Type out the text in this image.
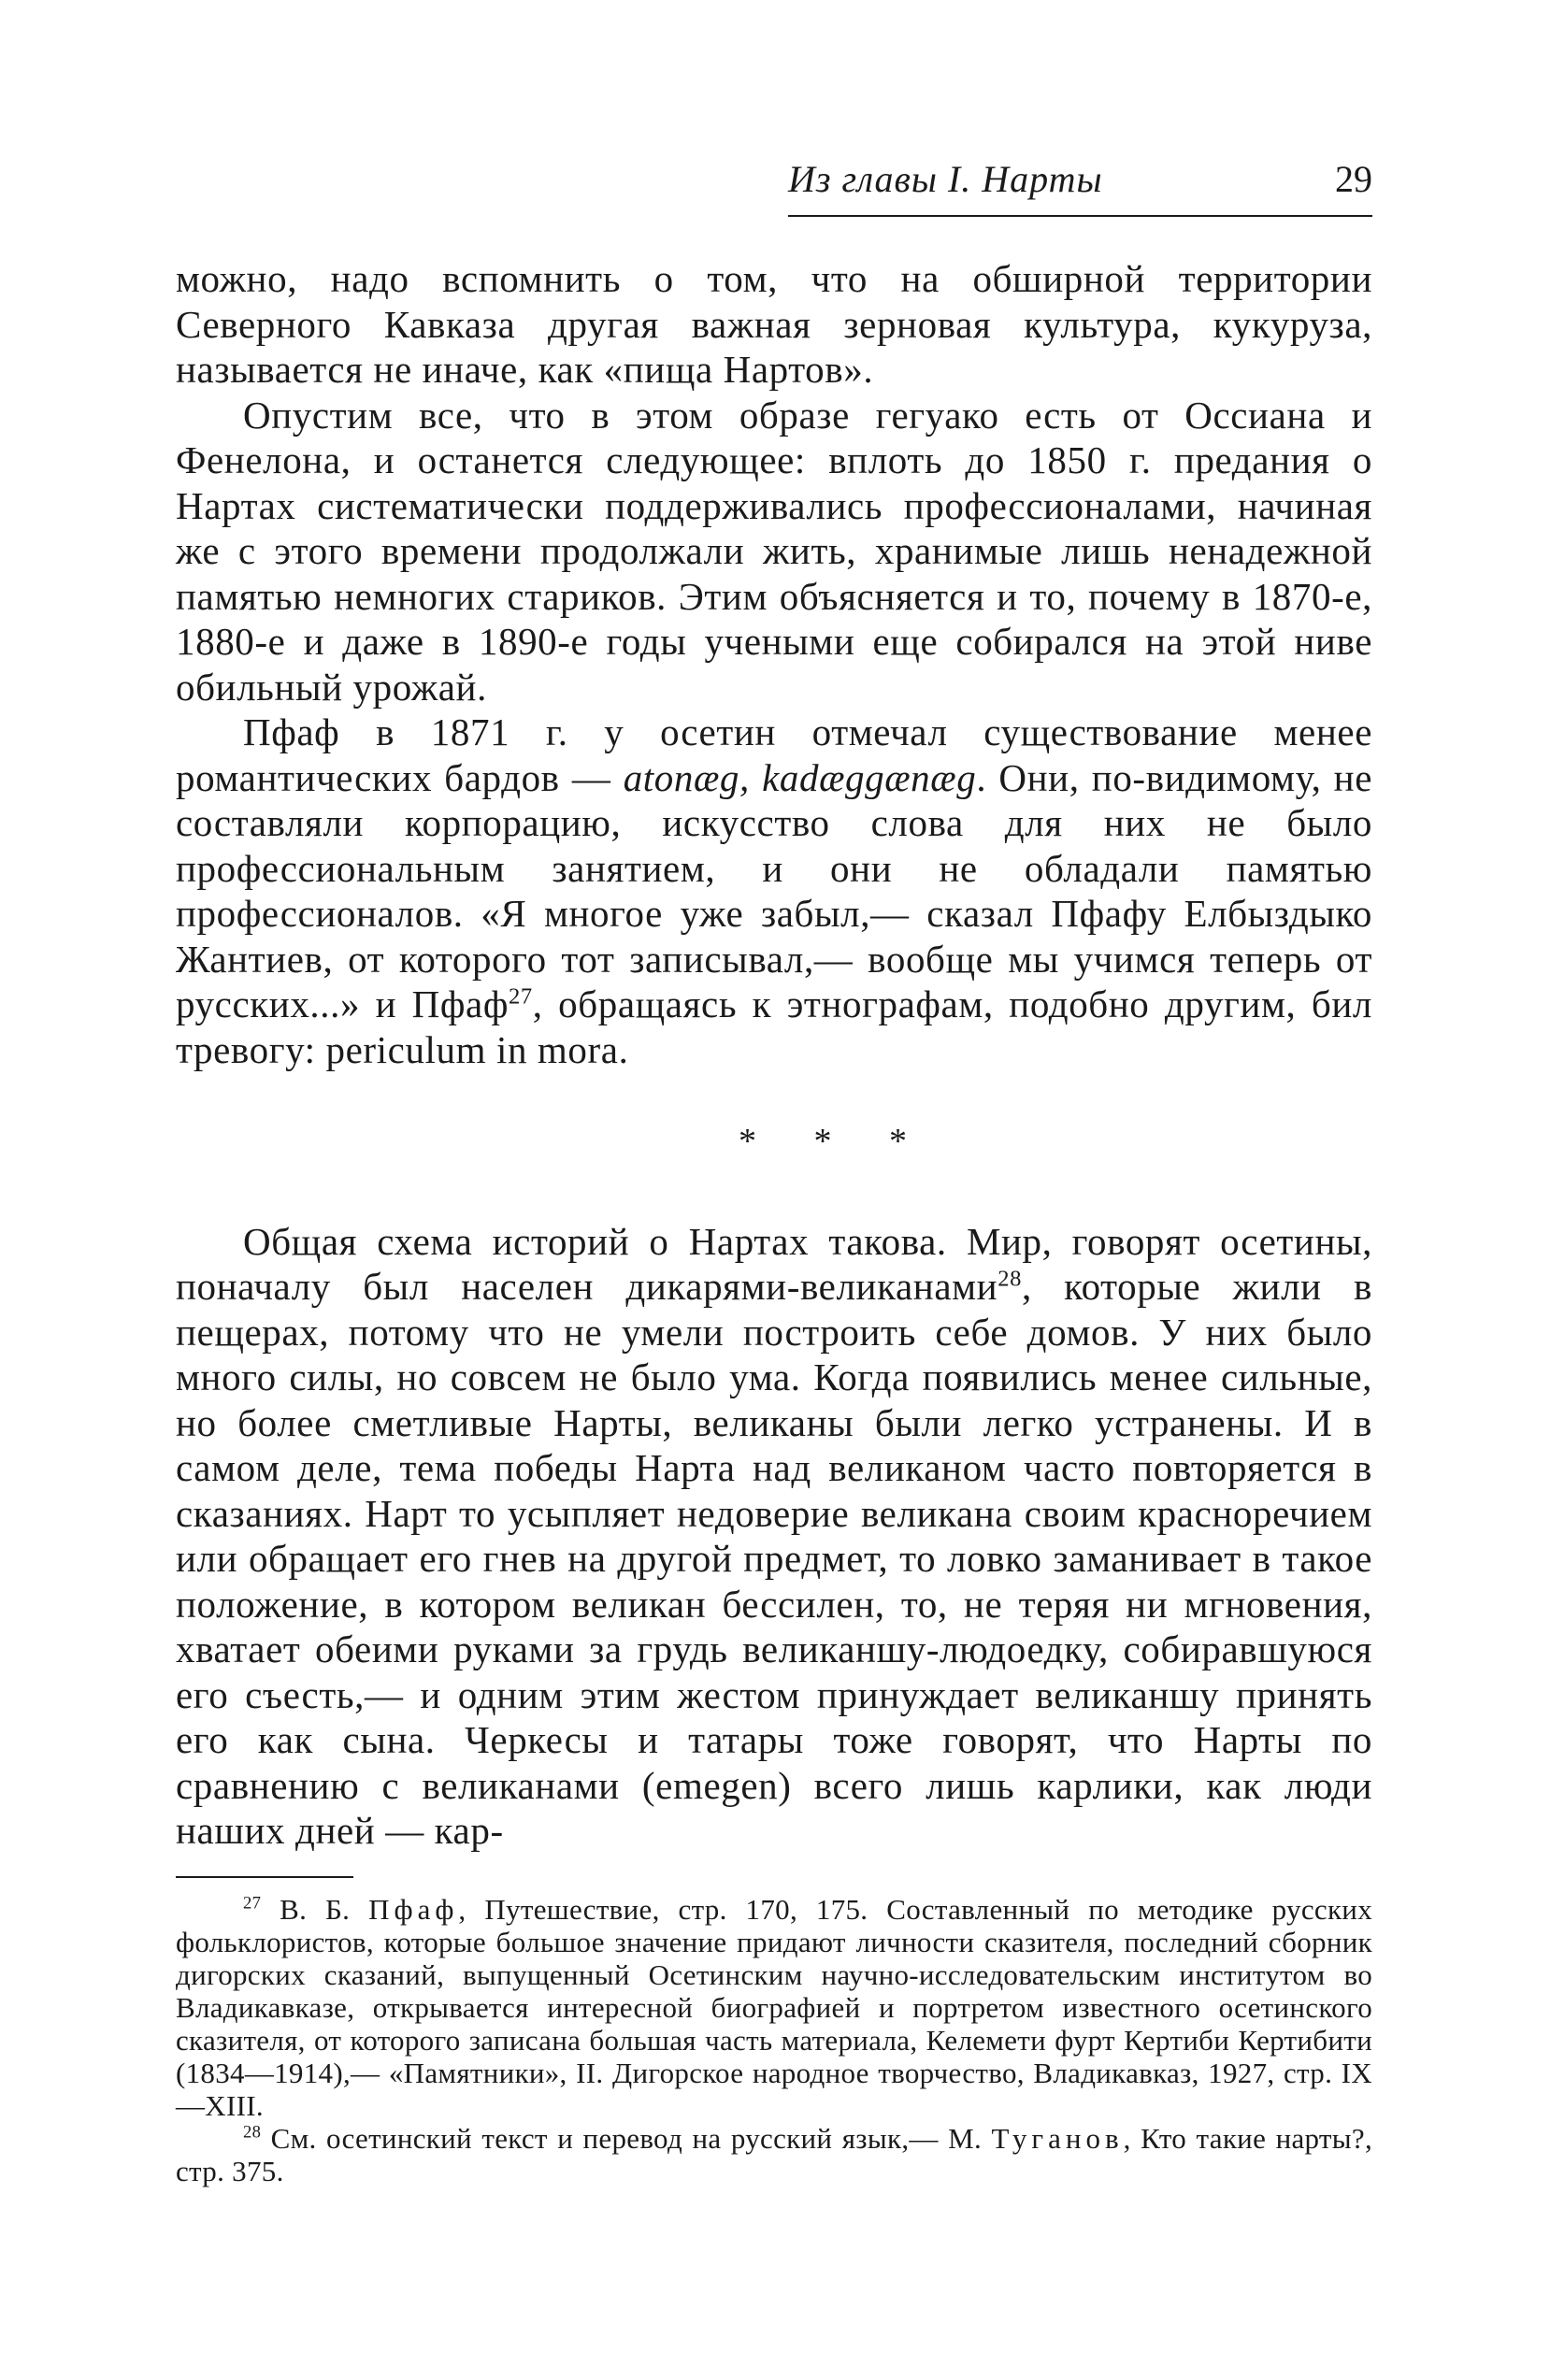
Из главы I. Нарты	29

можно, надо вспомнить о том, что на обширной территории Северного Кавказа другая важная зерновая культура, кукуруза, называется не иначе, как «пища Нартов».

Опустим все, что в этом образе гегуако есть от Оссиана и Фенелона, и останется следующее: вплоть до 1850 г. предания о Нартах систематически поддерживались профессионалами, начиная же с этого времени продолжали жить, хранимые лишь ненадежной памятью немногих стариков. Этим объясняется и то, почему в 1870-е, 1880-е и даже в 1890-е годы учеными еще собирался на этой ниве обильный урожай.

Пфаф в 1871 г. у осетин отмечал существование менее романтических бардов — atonæg, kadæggænæg. Они, по-видимому, не составляли корпорацию, искусство слова для них не было профессиональным занятием, и они не обладали памятью профессионалов. «Я многое уже забыл,— сказал Пфафу Елбыздыко Жантиев, от которого тот записывал,— вообще мы учимся теперь от русских...» и Пфаф$^{27}$, обращаясь к этнографам, подобно другим, бил тревогу: periculum in mora.

* * *

Общая схема историй о Нартах такова. Мир, говорят осетины, поначалу был населен дикарями-великанами$^{28}$, которые жили в пещерах, потому что не умели построить себе домов. У них было много силы, но совсем не было ума. Когда появились менее сильные, но более сметливые Нарты, великаны были легко устранены. И в самом деле, тема победы Нарта над великаном часто повторяется в сказаниях. Нарт то усыпляет недоверие великана своим красноречием или обращает его гнев на другой предмет, то ловко заманивает в такое положение, в котором великан бессилен, то, не теряя ни мгновения, хватает обеими руками за грудь великаншу-людоедку, собиравшуюся его съесть,— и одним этим жестом принуждает великаншу принять его как сына. Черкесы и татары тоже говорят, что Нарты по сравнению с великанами (emegen) всего лишь карлики, как люди наших дней — кар-

$^{27}$ В. Б. Пфаф, Путешествие, стр. 170, 175. Составленный по методике русских фольклористов, которые большое значение придают личности сказителя, последний сборник дигорских сказаний, выпущенный Осетинским научно-исследовательским институтом во Владикавказе, открывается интересной биографией и портретом известного осетинского сказителя, от которого записана большая часть материала, Келемети фурт Кертиби Кертибити (1834—1914),— «Памятники», II. Дигорское народное творчество, Владикавказ, 1927, стр. IX—XIII.

$^{28}$ См. осетинский текст и перевод на русский язык,— М. Туганов, Кто такие нарты?, стр. 375.
